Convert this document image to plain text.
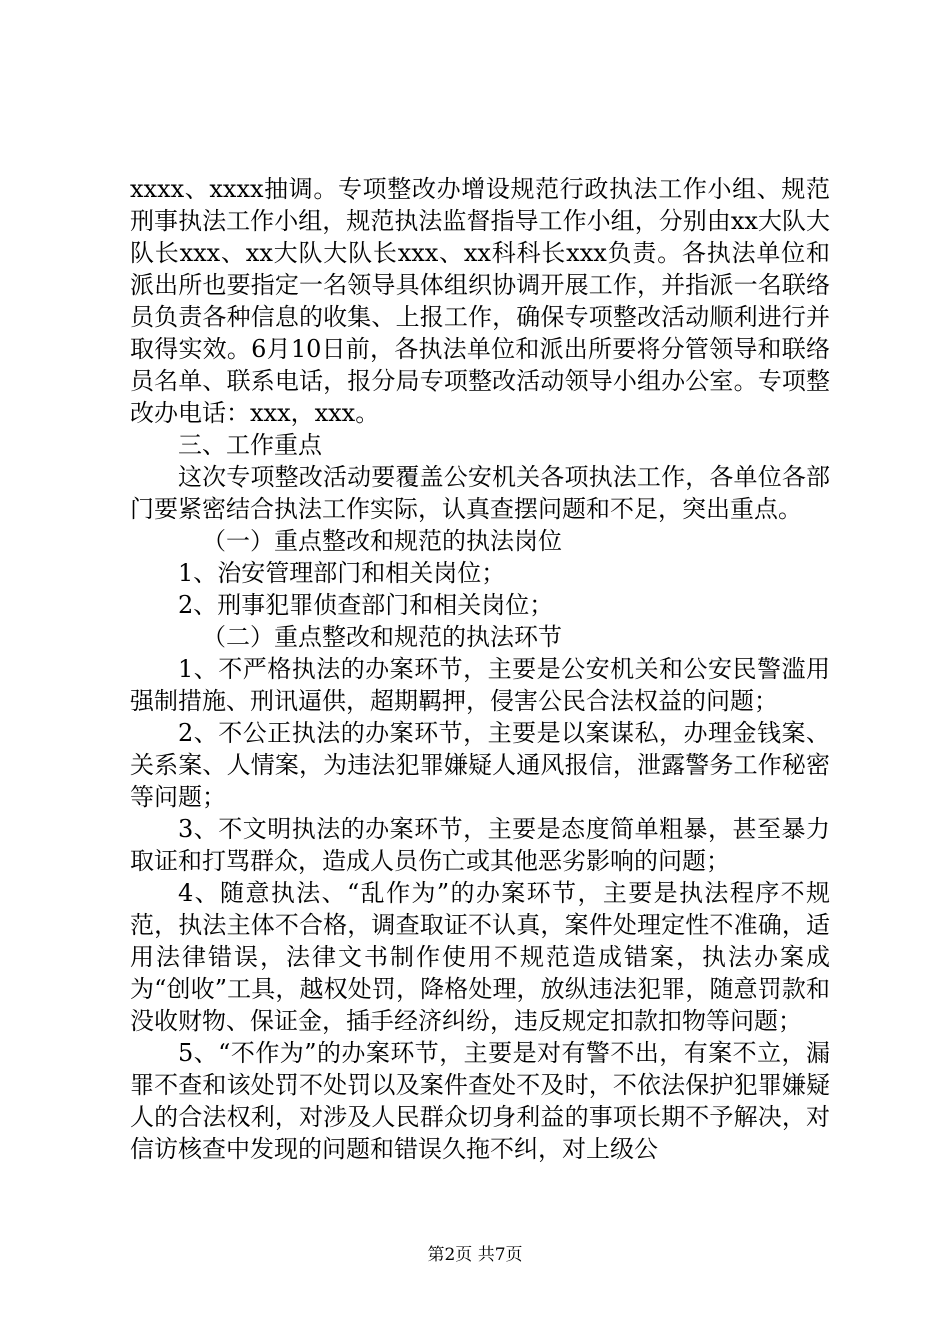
xxxx、xxxx抽调。专项整改办增设规范行政执法工作小组、规范刑事执法工作小组，规范执法监督指导工作小组，分别由xx大队大队长xxx、xx大队大队长xxx、xx科科长xxx负责。各执法单位和派出所也要指定一名领导具体组织协调开展工作，并指派一名联络员负责各种信息的收集、上报工作，确保专项整改活动顺利进行并取得实效。6月10日前，各执法单位和派出所要将分管领导和联络员名单、联系电话，报分局专项整改活动领导小组办公室。专项整改办电话：xxx，xxx。

三、工作重点

这次专项整改活动要覆盖公安机关各项执法工作，各单位各部门要紧密结合执法工作实际，认真查摆问题和不足，突出重点。

（一）重点整改和规范的执法岗位

1、治安管理部门和相关岗位；

2、刑事犯罪侦查部门和相关岗位；

（二）重点整改和规范的执法环节

1、不严格执法的办案环节，主要是公安机关和公安民警滥用强制措施、刑讯逼供，超期羁押，侵害公民合法权益的问题；

2、不公正执法的办案环节，主要是以案谋私，办理金钱案、关系案、人情案，为违法犯罪嫌疑人通风报信，泄露警务工作秘密等问题；

3、不文明执法的办案环节，主要是态度简单粗暴，甚至暴力取证和打骂群众，造成人员伤亡或其他恶劣影响的问题；

4、随意执法、“乱作为”的办案环节，主要是执法程序不规范，执法主体不合格，调查取证不认真，案件处理定性不准确，适用法律错误，法律文书制作使用不规范造成错案，执法办案成为“创收”工具，越权处罚，降格处理，放纵违法犯罪，随意罚款和没收财物、保证金，插手经济纠纷，违反规定扣款扣物等问题；

5、“不作为”的办案环节，主要是对有警不出，有案不立，漏罪不查和该处罚不处罚以及案件查处不及时，不依法保护犯罪嫌疑人的合法权利，对涉及人民群众切身利益的事项长期不予解决，对信访核查中发现的问题和错误久拖不纠，对上级公

第2页 共7页
